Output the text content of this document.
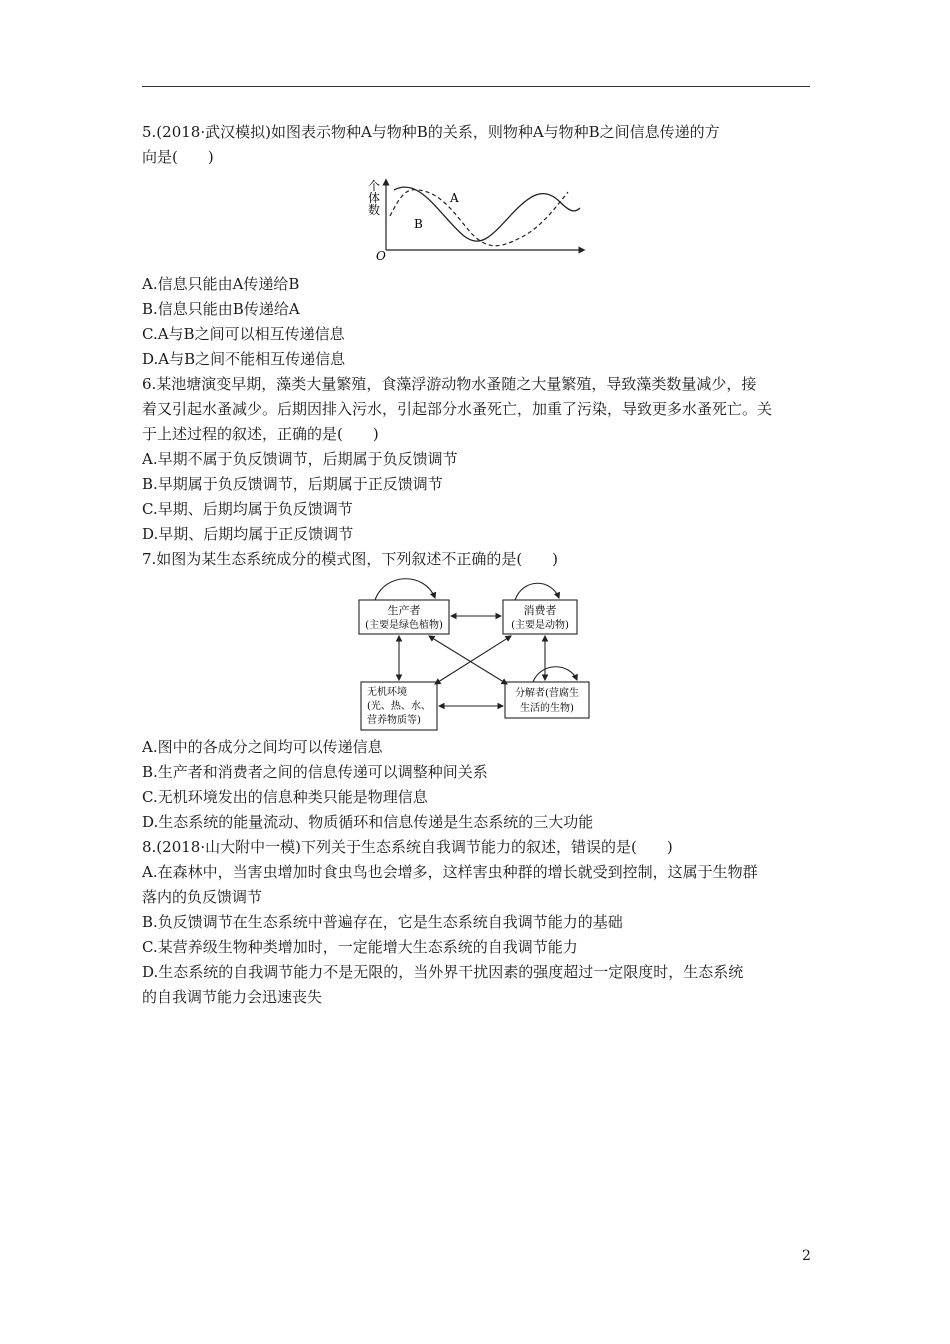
5.(2018·武汉模拟)如图表示物种A与物种B的关系，则物种A与物种B之间信息传递的方
向是(　　)
个体数
O
A
B
A.信息只能由A传递给B
B.信息只能由B传递给A
C.A与B之间可以相互传递信息
D.A与B之间不能相互传递信息
6.某池塘演变早期，藻类大量繁殖，食藻浮游动物水蚤随之大量繁殖，导致藻类数量减少，接
着又引起水蚤减少。后期因排入污水，引起部分水蚤死亡，加重了污染，导致更多水蚤死亡。关
于上述过程的叙述，正确的是(　　)
A.早期不属于负反馈调节，后期属于负反馈调节
B.早期属于负反馈调节，后期属于正反馈调节
C.早期、后期均属于负反馈调节
D.早期、后期均属于正反馈调节
7.如图为某生态系统成分的模式图，下列叙述不正确的是(　　)
生产者
(主要是绿色植物)
消费者
(主要是动物)
无机环境
(光、热、水、
营养物质等)
分解者(营腐生
生活的生物)
A.图中的各成分之间均可以传递信息
B.生产者和消费者之间的信息传递可以调整种间关系
C.无机环境发出的信息种类只能是物理信息
D.生态系统的能量流动、物质循环和信息传递是生态系统的三大功能
8.(2018·山大附中一模)下列关于生态系统自我调节能力的叙述，错误的是(　　)
A.在森林中，当害虫增加时食虫鸟也会增多，这样害虫种群的增长就受到控制，这属于生物群
落内的负反馈调节
B.负反馈调节在生态系统中普遍存在，它是生态系统自我调节能力的基础
C.某营养级生物种类增加时，一定能增大生态系统的自我调节能力
D.生态系统的自我调节能力不是无限的，当外界干扰因素的强度超过一定限度时，生态系统
的自我调节能力会迅速丧失
2
